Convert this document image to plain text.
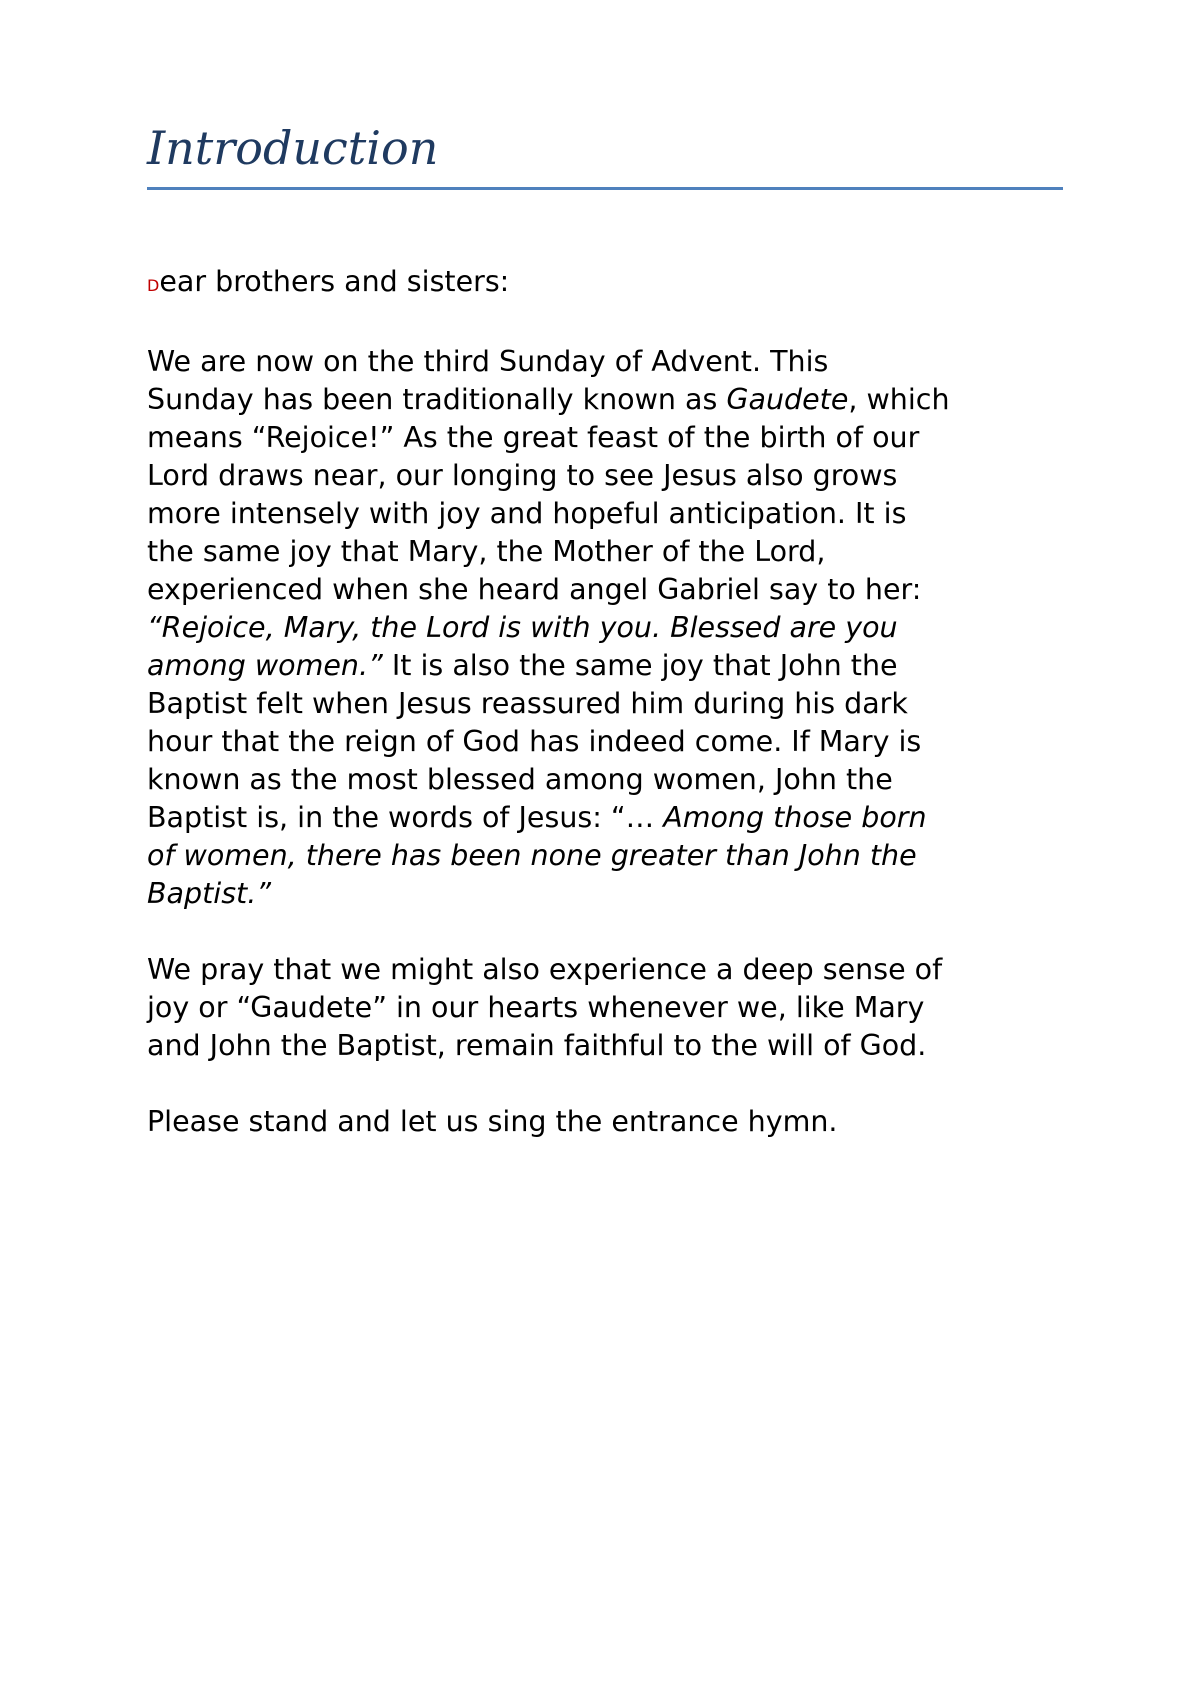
Introduction

Dear brothers and sisters:

We are now on the third Sunday of Advent. This

Sunday has been traditionally known as Gaudete, which

means “Rejoice!” As the great feast of the birth of our

Lord draws near, our longing to see Jesus also grows

more intensely with joy and hopeful anticipation. It is

the same joy that Mary, the Mother of the Lord,

experienced when she heard angel Gabriel say to her:

“Rejoice, Mary, the Lord is with you. Blessed are you

among women.” It is also the same joy that John the

Baptist felt when Jesus reassured him during his dark

hour that the reign of God has indeed come. If Mary is

known as the most blessed among women, John the

Baptist is, in the words of Jesus: “… Among those born

of women, there has been none greater than John the

Baptist.”

We pray that we might also experience a deep sense of

joy or “Gaudete” in our hearts whenever we, like Mary

and John the Baptist, remain faithful to the will of God.

Please stand and let us sing the entrance hymn.
